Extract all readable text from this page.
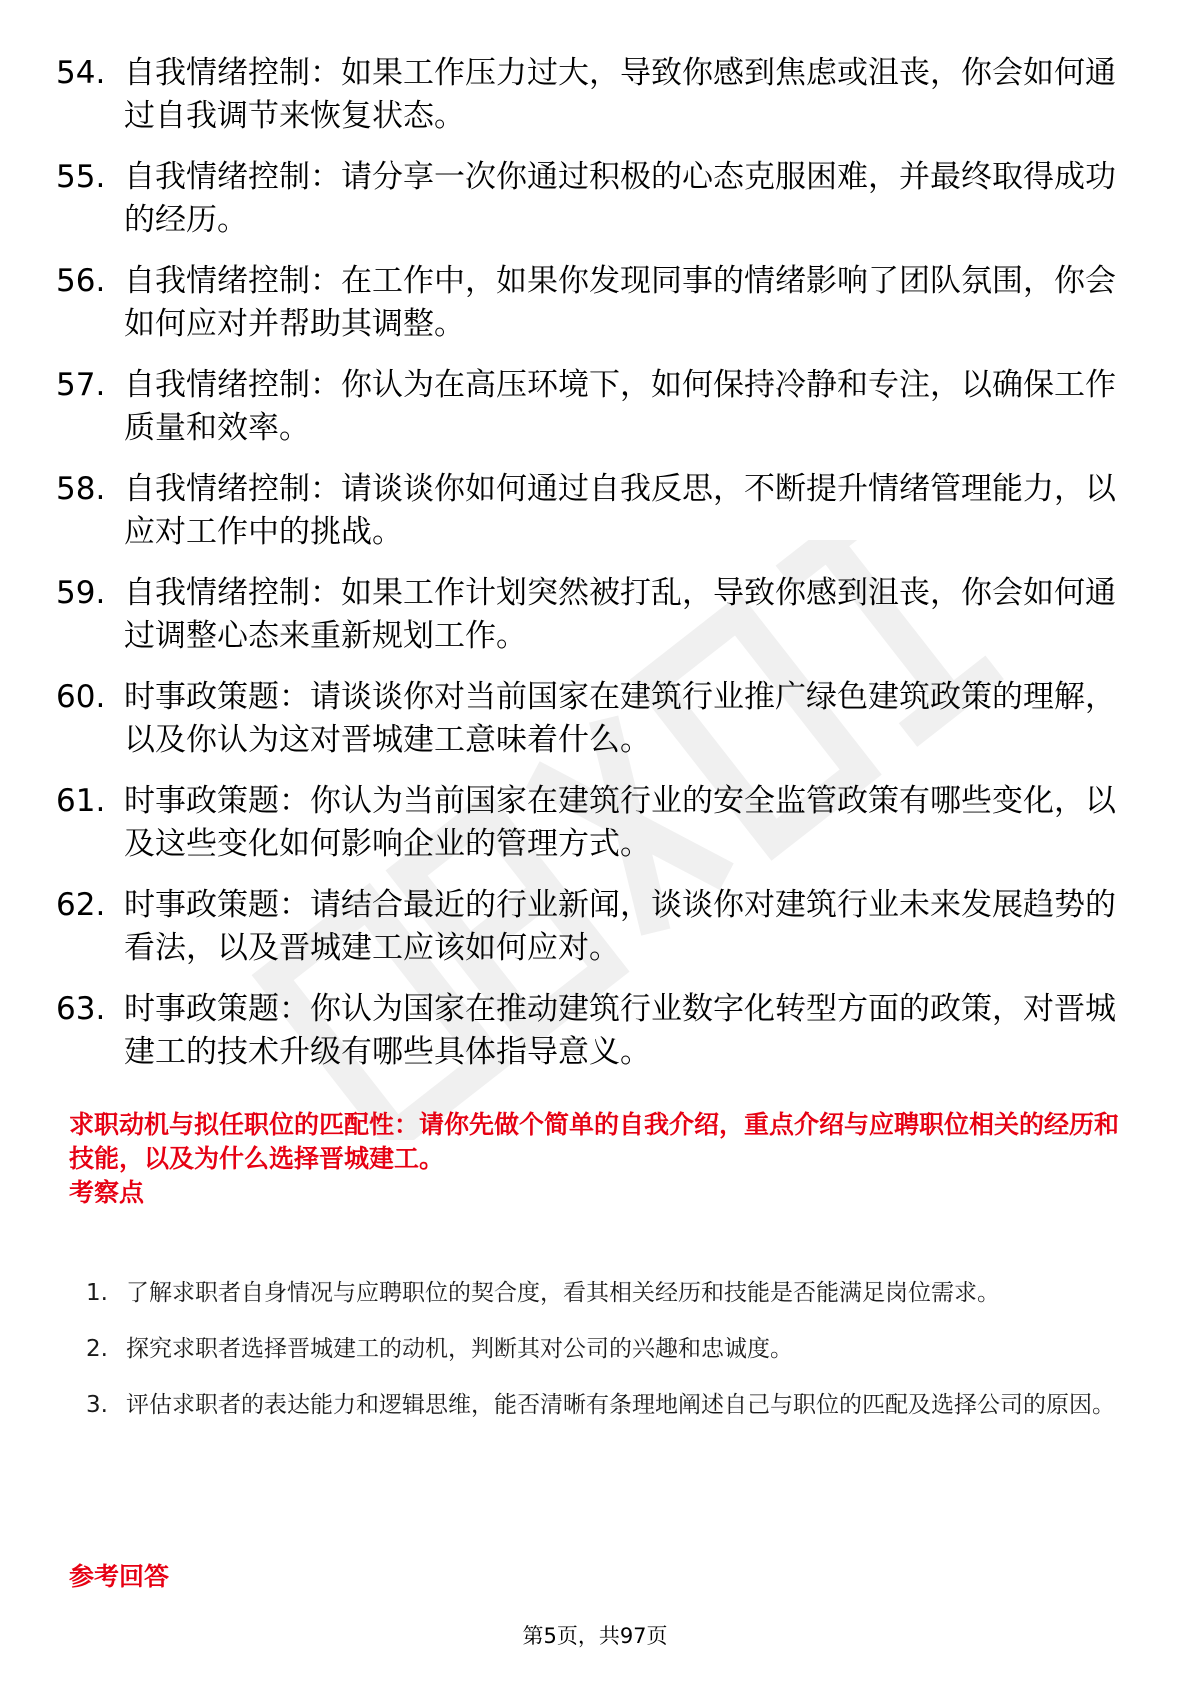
54. 自我情绪控制：如果工作压力过大，导致你感到焦虑或沮丧，你会如何通过自我调节来恢复状态。
55. 自我情绪控制：请分享一次你通过积极的心态克服困难，并最终取得成功的经历。
56. 自我情绪控制：在工作中，如果你发现同事的情绪影响了团队氛围，你会如何应对并帮助其调整。
57. 自我情绪控制：你认为在高压环境下，如何保持冷静和专注，以确保工作质量和效率。
58. 自我情绪控制：请谈谈你如何通过自我反思，不断提升情绪管理能力，以应对工作中的挑战。
59. 自我情绪控制：如果工作计划突然被打乱，导致你感到沮丧，你会如何通过调整心态来重新规划工作。
60. 时事政策题：请谈谈你对当前国家在建筑行业推广绿色建筑政策的理解，以及你认为这对晋城建工意味着什么。
61. 时事政策题：你认为当前国家在建筑行业的安全监管政策有哪些变化，以及这些变化如何影响企业的管理方式。
62. 时事政策题：请结合最近的行业新闻，谈谈你对建筑行业未来发展趋势的看法，以及晋城建工应该如何应对。
63. 时事政策题：你认为国家在推动建筑行业数字化转型方面的政策，对晋城建工的技术升级有哪些具体指导意义。
求职动机与拟任职位的匹配性：请你先做个简单的自我介绍，重点介绍与应聘职位相关的经历和技能，以及为什么选择晋城建工。
考察点
1. 了解求职者自身情况与应聘职位的契合度，看其相关经历和技能是否能满足岗位需求。
2. 探究求职者选择晋城建工的动机，判断其对公司的兴趣和忠诚度。
3. 评估求职者的表达能力和逻辑思维，能否清晰有条理地阐述自己与职位的匹配及选择公司的原因。
参考回答
第5页，共97页
